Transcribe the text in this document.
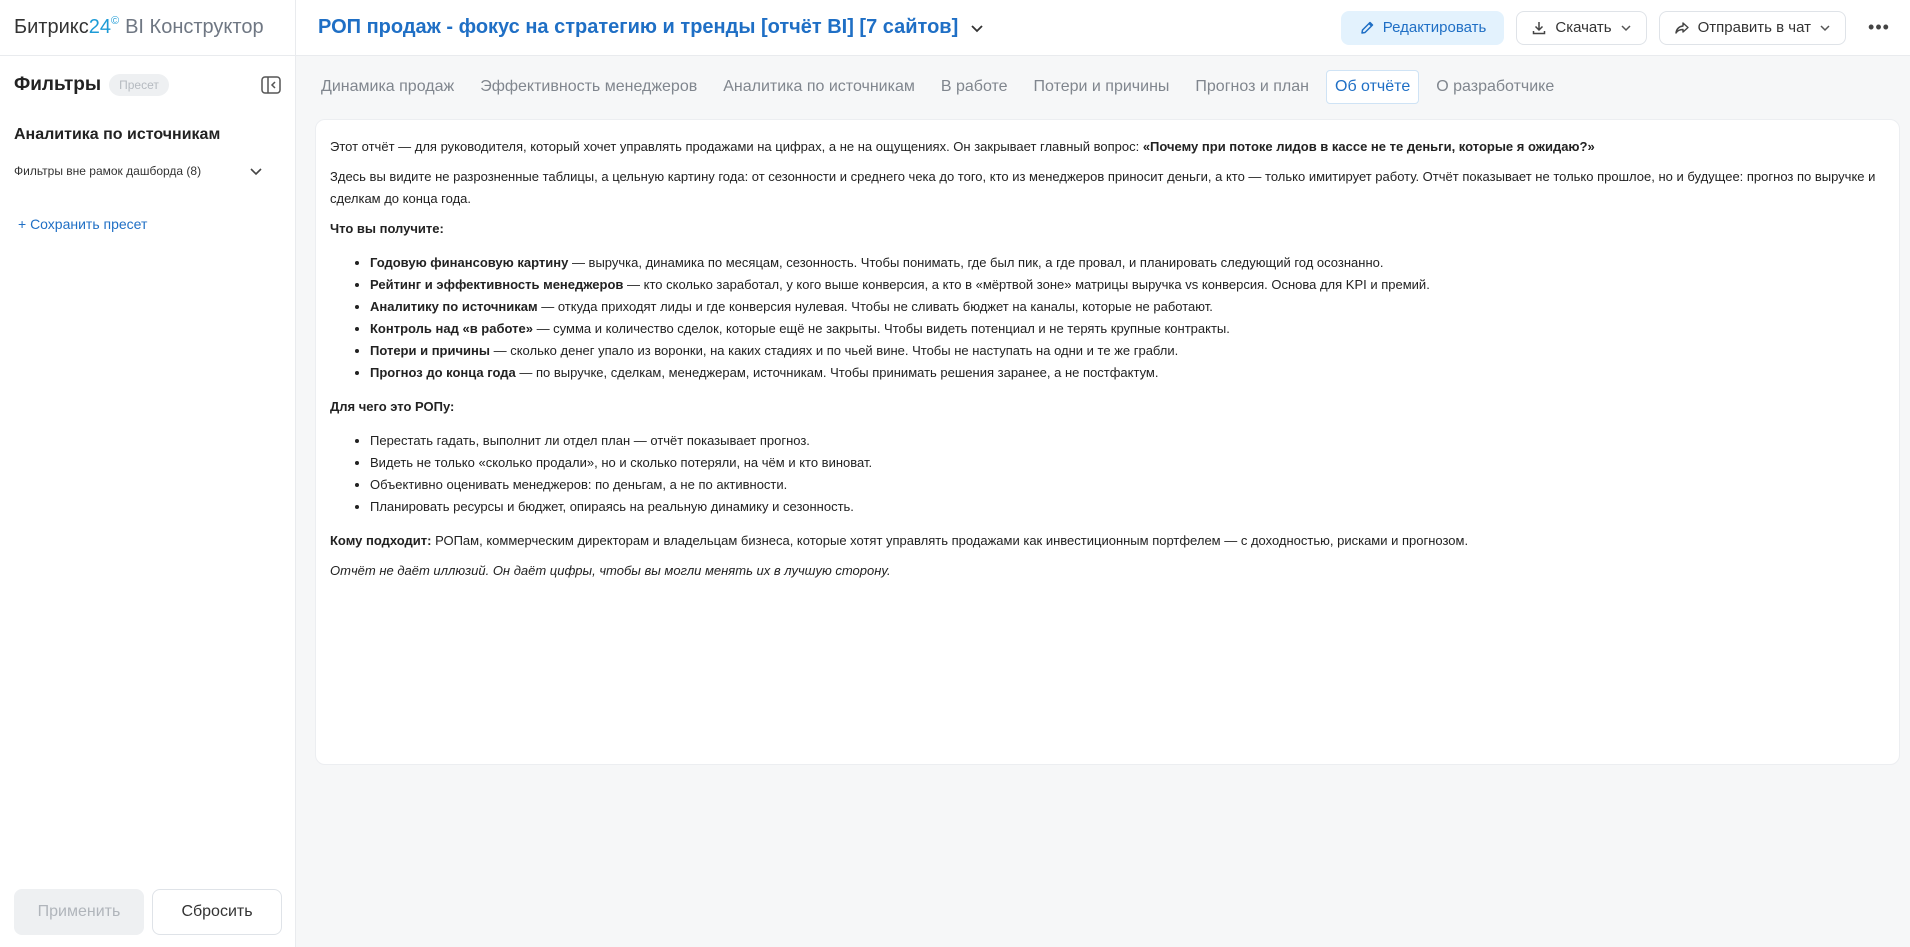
Битрикс 24 © BI Конструктор	РОП продаж - фокус на стратегию и тренды [отчёт BI] [7 сайтов]	Редактировать	Скачать	Отправить в чат	•••
Фильтры	Пресет
Аналитика по источникам
Фильтры вне рамок дашборда (8)
+ Сохранить пресет
Применить	Сбросить
Динамика продаж	Эффективность менеджеров	Аналитика по источникам	В работе	Потери и причины	Прогноз и план	Об отчёте	О разработчике

Этот отчёт — для руководителя, который хочет управлять продажами на цифрах, а не на ощущениях. Он закрывает главный вопрос: «Почему при потоке лидов в кассе не те деньги, которые я ожидаю?»

Здесь вы видите не разрозненные таблицы, а цельную картину года: от сезонности и среднего чека до того, кто из менеджеров приносит деньги, а кто — только имитирует работу. Отчёт показывает не только прошлое, но и будущее: прогноз по выручке и сделкам до конца года.

Что вы получите:
• Годовую финансовую картину — выручка, динамика по месяцам, сезонность. Чтобы понимать, где был пик, а где провал, и планировать следующий год осознанно.
• Рейтинг и эффективность менеджеров — кто сколько заработал, у кого выше конверсия, а кто в «мёртвой зоне» матрицы выручка vs конверсия. Основа для KPI и премий.
• Аналитику по источникам — откуда приходят лиды и где конверсия нулевая. Чтобы не сливать бюджет на каналы, которые не работают.
• Контроль над «в работе» — сумма и количество сделок, которые ещё не закрыты. Чтобы видеть потенциал и не терять крупные контракты.
• Потери и причины — сколько денег упало из воронки, на каких стадиях и по чьей вине. Чтобы не наступать на одни и те же грабли.
• Прогноз до конца года — по выручке, сделкам, менеджерам, источникам. Чтобы принимать решения заранее, а не постфактум.
Для чего это РОПу:
• Перестать гадать, выполнит ли отдел план — отчёт показывает прогноз.
• Видеть не только «сколько продали», но и сколько потеряли, на чём и кто виноват.
• Объективно оценивать менеджеров: по деньгам, а не по активности.
• Планировать ресурсы и бюджет, опираясь на реальную динамику и сезонность.

Кому подходит: РОПам, коммерческим директорам и владельцам бизнеса, которые хотят управлять продажами как инвестиционным портфелем — с доходностью, рисками и прогнозом.

Отчёт не даёт иллюзий. Он даёт цифры, чтобы вы могли менять их в лучшую сторону.
